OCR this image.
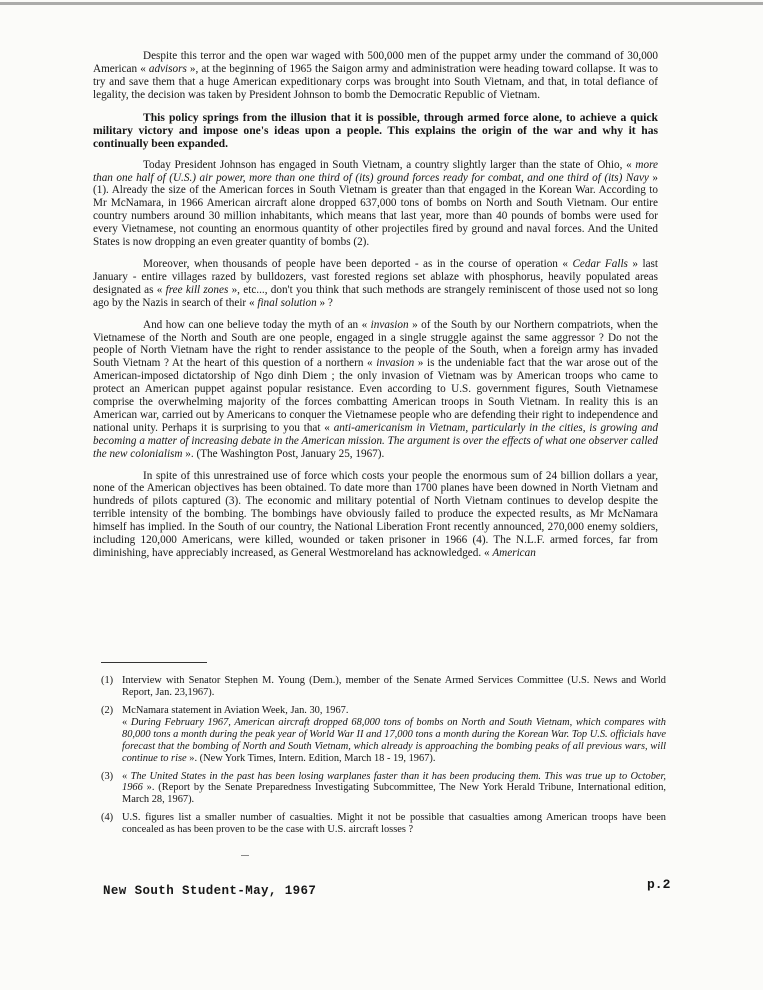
Despite this terror and the open war waged with 500,000 men of the puppet army under the command of 30,000 American « advisors », at the beginning of 1965 the Saigon army and administration were heading toward collapse. It was to try and save them that a huge American expeditionary corps was brought into South Vietnam, and that, in total defiance of legality, the decision was taken by President Johnson to bomb the Democratic Republic of Vietnam.

This policy springs from the illusion that it is possible, through armed force alone, to achieve a quick military victory and impose one's ideas upon a people. This explains the origin of the war and why it has continually been expanded.

Today President Johnson has engaged in South Vietnam, a country slightly larger than the state of Ohio, « more than one half of (U.S.) air power, more than one third of (its) ground forces ready for combat, and one third of (its) Navy » (1). Already the size of the American forces in South Vietnam is greater than that engaged in the Korean War. According to Mr McNamara, in 1966 American aircraft alone dropped 637,000 tons of bombs on North and South Vietnam. Our entire country numbers around 30 million inhabitants, which means that last year, more than 40 pounds of bombs were used for every Vietnamese, not counting an enormous quantity of other projectiles fired by ground and naval forces. And the United States is now dropping an even greater quantity of bombs (2).

Moreover, when thousands of people have been deported - as in the course of operation « Cedar Falls » last January - entire villages razed by bulldozers, vast forested regions set ablaze with phosphorus, heavily populated areas designated as « free kill zones », etc..., don't you think that such methods are strangely reminiscent of those used not so long ago by the Nazis in search of their « final solution » ?

And how can one believe today the myth of an « invasion » of the South by our Northern compatriots, when the Vietnamese of the North and South are one people, engaged in a single struggle against the same aggressor ? Do not the people of North Vietnam have the right to render assistance to the people of the South, when a foreign army has invaded South Vietnam ? At the heart of this question of a northern « invasion » is the undeniable fact that the war arose out of the American-imposed dictatorship of Ngo dinh Diem ; the only invasion of Vietnam was by American troops who came to protect an American puppet against popular resistance. Even according to U.S. government figures, South Vietnamese comprise the overwhelming majority of the forces combatting American troops in South Vietnam. In reality this is an American war, carried out by Americans to conquer the Vietnamese people who are defending their right to independence and national unity. Perhaps it is surprising to you that « anti-americanism in Vietnam, particularly in the cities, is growing and becoming a matter of increasing debate in the American mission. The argument is over the effects of what one observer called the new colonialism ». (The Washington Post, January 25, 1967).

In spite of this unrestrained use of force which costs your people the enormous sum of 24 billion dollars a year, none of the American objectives has been obtained. To date more than 1700 planes have been downed in North Vietnam and hundreds of pilots captured (3). The economic and military potential of North Vietnam continues to develop despite the terrible intensity of the bombing. The bombings have obviously failed to produce the expected results, as Mr McNamara himself has implied. In the South of our country, the National Liberation Front recently announced, 270,000 enemy soldiers, including 120,000 Americans, were killed, wounded or taken prisoner in 1966 (4). The N.L.F. armed forces, far from diminishing, have appreciably increased, as General Westmoreland has acknowledged. « American

(1) Interview with Senator Stephen M. Young (Dem.), member of the Senate Armed Services Committee (U.S. News and World Report, Jan. 23,1967).

(2) McNamara statement in Aviation Week, Jan. 30, 1967.

« During February 1967, American aircraft dropped 68,000 tons of bombs on North and South Vietnam, which compares with 80,000 tons a month during the peak year of World War II and 17,000 tons a month during the Korean War. Top U.S. officials have forecast that the bombing of North and South Vietnam, which already is approaching the bombing peaks of all previous wars, will continue to rise ». (New York Times, Intern. Edition, March 18 - 19, 1967).

(3) « The United States in the past has been losing warplanes faster than it has been producing them. This was true up to October, 1966 ». (Report by the Senate Preparedness Investigating Subcommittee, The New York Herald Tribune, International edition, March 28, 1967).

(4) U.S. figures list a smaller number of casualties. Might it not be possible that casualties among American troops have been concealed as has been proven to be the case with U.S. aircraft losses ?

New South Student-May, 1967	p.2
